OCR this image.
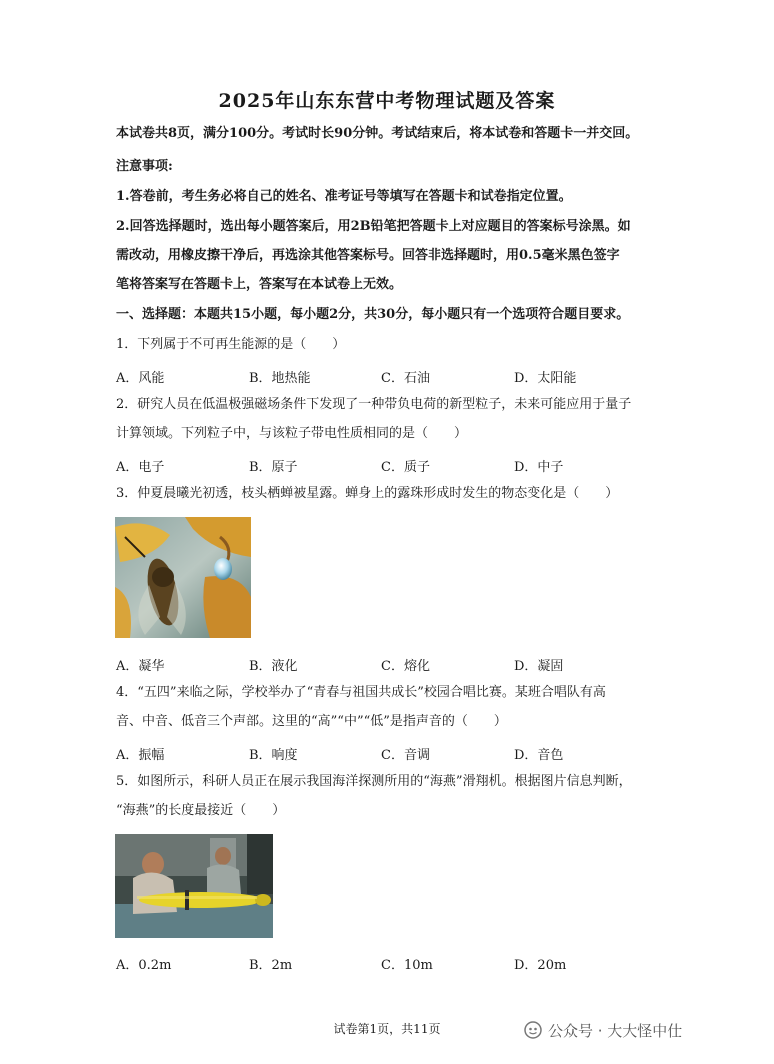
2025年山东东营中考物理试题及答案
本试卷共8页，满分100分。考试时长90分钟。考试结束后，将本试卷和答题卡一并交回。
注意事项:
1.答卷前，考生务必将自己的姓名、准考证号等填写在答题卡和试卷指定位置。
2.回答选择题时，选出每小题答案后，用2B铅笔把答题卡上对应题目的答案标号涂黑。如
需改动，用橡皮擦干净后，再选涂其他答案标号。回答非选择题时，用0.5毫米黑色签字
笔将答案写在答题卡上，答案写在本试卷上无效。
一、选择题：本题共15小题，每小题2分，共30分，每小题只有一个选项符合题目要求。
1．下列属于不可再生能源的是（　　）
A．风能	B．地热能	C．石油	D．太阳能
2．研究人员在低温极强磁场条件下发现了一种带负电荷的新型粒子，未来可能应用于量子
计算领域。下列粒子中，与该粒子带电性质相同的是（　　）
A．电子	B．原子	C．质子	D．中子
3．仲夏晨曦光初透，枝头栖蝉被星露。蝉身上的露珠形成时发生的物态变化是（　　）
A．凝华	B．液化	C．熔化	D．凝固
4．“五四”来临之际，学校举办了“青春与祖国共成长”校园合唱比赛。某班合唱队有高
音、中音、低音三个声部。这里的“高”“中”“低”是指声音的（　　）
A．振幅	B．响度	C．音调	D．音色
5．如图所示，科研人员正在展示我国海洋探测所用的“海燕”滑翔机。根据图片信息判断，
“海燕”的长度最接近（　　）
A．0.2m	B．2m	C．10m	D．20m
试卷第1页，共11页	公众号 · 大大怪中仕
